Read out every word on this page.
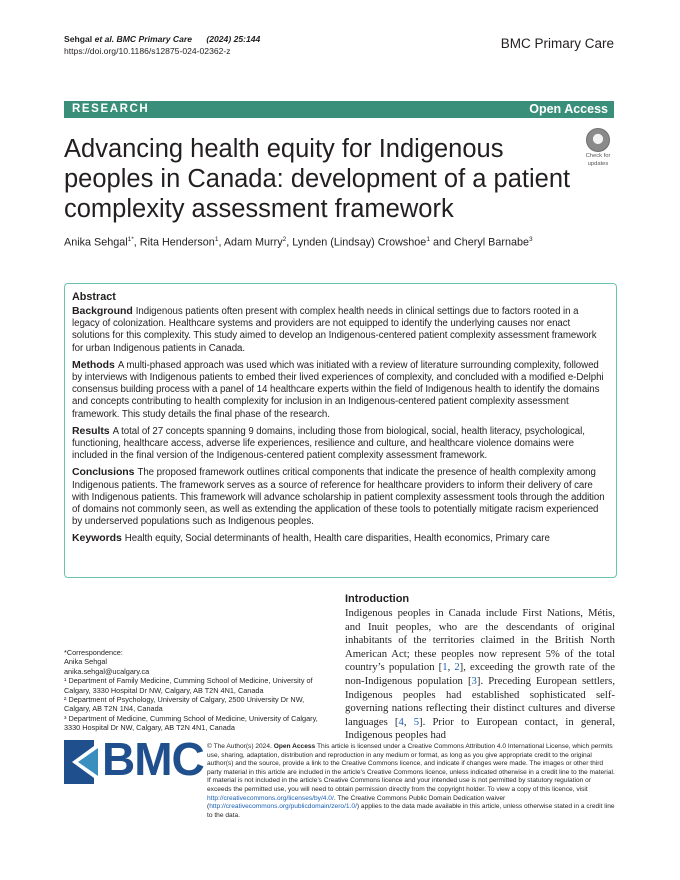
Sehgal et al. BMC Primary Care (2024) 25:144
https://doi.org/10.1186/s12875-024-02362-z	BMC Primary Care
RESEARCH	Open Access
Check for
updates
Advancing health equity for Indigenous peoples in Canada: development of a patient complexity assessment framework
Anika Sehgal$^{1*}$, Rita Henderson$^1$, Adam Murry$^2$, Lynden (Lindsay) Crowshoe$^1$ and Cheryl Barnabe$^3$
Abstract

Background Indigenous patients often present with complex health needs in clinical settings due to factors rooted in a legacy of colonization. Healthcare systems and providers are not equipped to identify the underlying causes nor enact solutions for this complexity. This study aimed to develop an Indigenous-centered patient complexity assessment framework for urban Indigenous patients in Canada.

Methods A multi-phased approach was used which was initiated with a review of literature surrounding complexity, followed by interviews with Indigenous patients to embed their lived experiences of complexity, and concluded with a modified e-Delphi consensus building process with a panel of 14 healthcare experts within the field of Indigenous health to identify the domains and concepts contributing to health complexity for inclusion in an Indigenous-centered patient complexity assessment framework. This study details the final phase of the research.

Results A total of 27 concepts spanning 9 domains, including those from biological, social, health literacy, psychological, functioning, healthcare access, adverse life experiences, resilience and culture, and healthcare violence domains were included in the final version of the Indigenous-centered patient complexity assessment framework.

Conclusions The proposed framework outlines critical components that indicate the presence of health complexity among Indigenous patients. The framework serves as a source of reference for healthcare providers to inform their delivery of care with Indigenous patients. This framework will advance scholarship in patient complexity assessment tools through the addition of domains not commonly seen, as well as extending the application of these tools to potentially mitigate racism experienced by underserved populations such as Indigenous peoples.

Keywords Health equity, Social determinants of health, Health care disparities, Health economics, Primary care

Introduction
Indigenous peoples in Canada include First Nations, Métis, and Inuit peoples, who are the descendants of original inhabitants of the territories claimed in the British North American Act; these peoples now represent 5% of the total country’s population [1, 2], exceeding the growth rate of the non-Indigenous population [3]. Preceding European settlers, Indigenous peoples had established sophisticated self-governing nations reflecting their distinct cultures and diverse languages [4, 5]. Prior to European contact, in general, Indigenous peoples had
*Correspondence:
Anika Sehgal
anika.sehgal@ucalgary.ca
¹ Department of Family Medicine, Cumming School of Medicine, University of Calgary, 3330 Hospital Dr NW, Calgary, AB T2N 4N1, Canada
² Department of Psychology, University of Calgary, 2500 University Dr NW, Calgary, AB T2N 1N4, Canada
³ Department of Medicine, Cumming School of Medicine, University of Calgary, 3330 Hospital Dr NW, Calgary, AB T2N 4N1, Canada
BMC © The Author(s) 2024. Open Access This article is licensed under a Creative Commons Attribution 4.0 International License, which permits use, sharing, adaptation, distribution and reproduction in any medium or format, as long as you give appropriate credit to the original author(s) and the source, provide a link to the Creative Commons licence, and indicate if changes were made. The images or other third party material in this article are included in the article’s Creative Commons licence, unless indicated otherwise in a credit line to the material. If material is not included in the article’s Creative Commons licence and your intended use is not permitted by statutory regulation or exceeds the permitted use, you will need to obtain permission directly from the copyright holder. To view a copy of this licence, visit http://creativecommons.org/licenses/by/4.0/. The Creative Commons Public Domain Dedication waiver (http://creativecommons.org/publicdomain/zero/1.0/) applies to the data made available in this article, unless otherwise stated in a credit line to the data.
